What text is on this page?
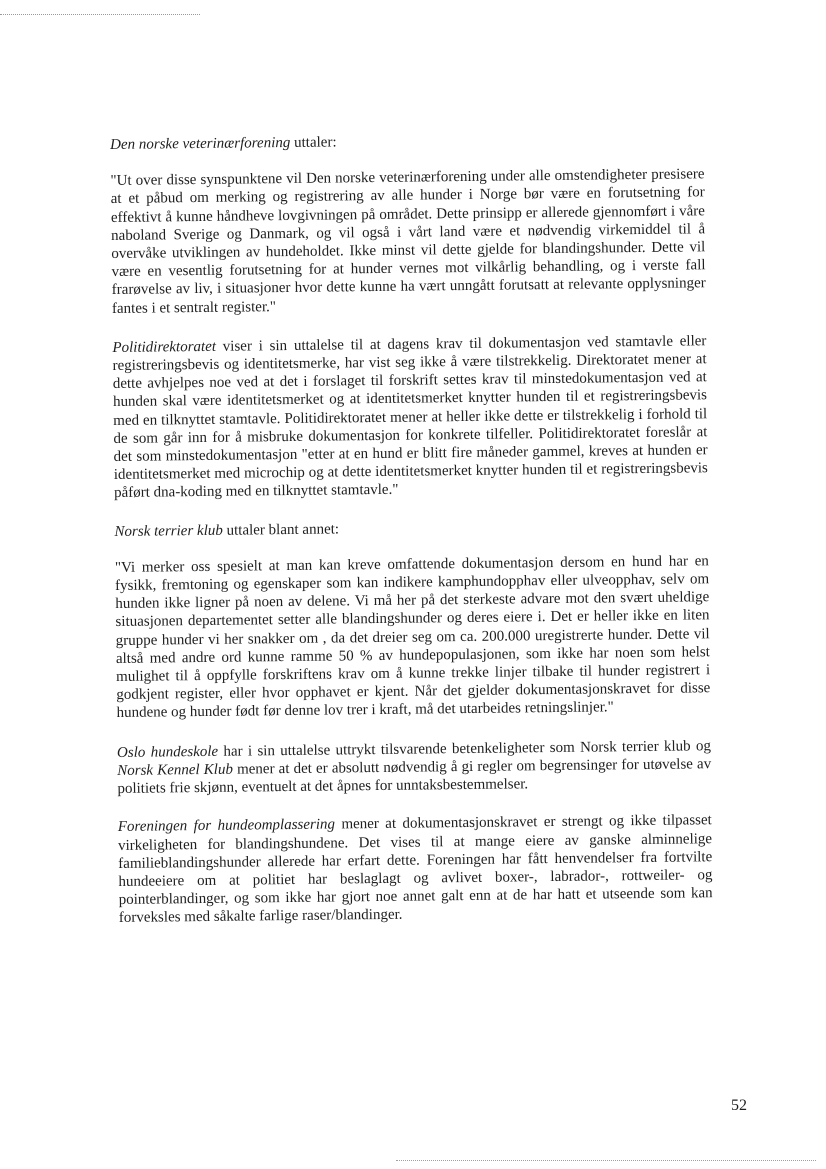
Den norske veterinærforening uttaler:

"Ut over disse synspunktene vil Den norske veterinærforening under alle omstendigheter presisere at et påbud om merking og registrering av alle hunder i Norge bør være en forutsetning for effektivt å kunne håndheve lovgivningen på området. Dette prinsipp er allerede gjennomført i våre naboland Sverige og Danmark, og vil også i vårt land være et nødvendig virkemiddel til å overvåke utviklingen av hundeholdet. Ikke minst vil dette gjelde for blandingshunder. Dette vil være en vesentlig forutsetning for at hunder vernes mot vilkårlig behandling, og i verste fall frarøvelse av liv, i situasjoner hvor dette kunne ha vært unngått forutsatt at relevante opplysninger fantes i et sentralt register."

Politidirektoratet viser i sin uttalelse til at dagens krav til dokumentasjon ved stamtavle eller registreringsbevis og identitetsmerke, har vist seg ikke å være tilstrekkelig. Direktoratet mener at dette avhjelpes noe ved at det i forslaget til forskrift settes krav til minstedokumentasjon ved at hunden skal være identitetsmerket og at identitetsmerket knytter hunden til et registreringsbevis med en tilknyttet stamtavle. Politidirektoratet mener at heller ikke dette er tilstrekkelig i forhold til de som går inn for å misbruke dokumentasjon for konkrete tilfeller. Politidirektoratet foreslår at det som minstedokumentasjon "etter at en hund er blitt fire måneder gammel, kreves at hunden er identitetsmerket med microchip og at dette identitetsmerket knytter hunden til et registreringsbevis påført dna-koding med en tilknyttet stamtavle."

Norsk terrier klub uttaler blant annet:

"Vi merker oss spesielt at man kan kreve omfattende dokumentasjon dersom en hund har en fysikk, fremtoning og egenskaper som kan indikere kamphundopphav eller ulveopphav, selv om hunden ikke ligner på noen av delene. Vi må her på det sterkeste advare mot den svært uheldige situasjonen departementet setter alle blandingshunder og deres eiere i. Det er heller ikke en liten gruppe hunder vi her snakker om , da det dreier seg om ca. 200.000 uregistrerte hunder. Dette vil altså med andre ord kunne ramme 50 % av hundepopulasjonen, som ikke har noen som helst mulighet til å oppfylle forskriftens krav om å kunne trekke linjer tilbake til hunder registrert i godkjent register, eller hvor opphavet er kjent. Når det gjelder dokumentasjonskravet for disse hundene og hunder født før denne lov trer i kraft, må det utarbeides retningslinjer."

Oslo hundeskole har i sin uttalelse uttrykt tilsvarende betenkeligheter som Norsk terrier klub og Norsk Kennel Klub mener at det er absolutt nødvendig å gi regler om begrensinger for utøvelse av politiets frie skjønn, eventuelt at det åpnes for unntaksbestemmelser.

Foreningen for hundeomplassering mener at dokumentasjonskravet er strengt og ikke tilpasset virkeligheten for blandingshundene. Det vises til at mange eiere av ganske alminnelige familieblandingshunder allerede har erfart dette. Foreningen har fått henvendelser fra fortvilte hundeeiere om at politiet har beslaglagt og avlivet boxer-, labrador-, rottweiler- og pointerblandinger, og som ikke har gjort noe annet galt enn at de har hatt et utseende som kan forveksles med såkalte farlige raser/blandinger.

52
